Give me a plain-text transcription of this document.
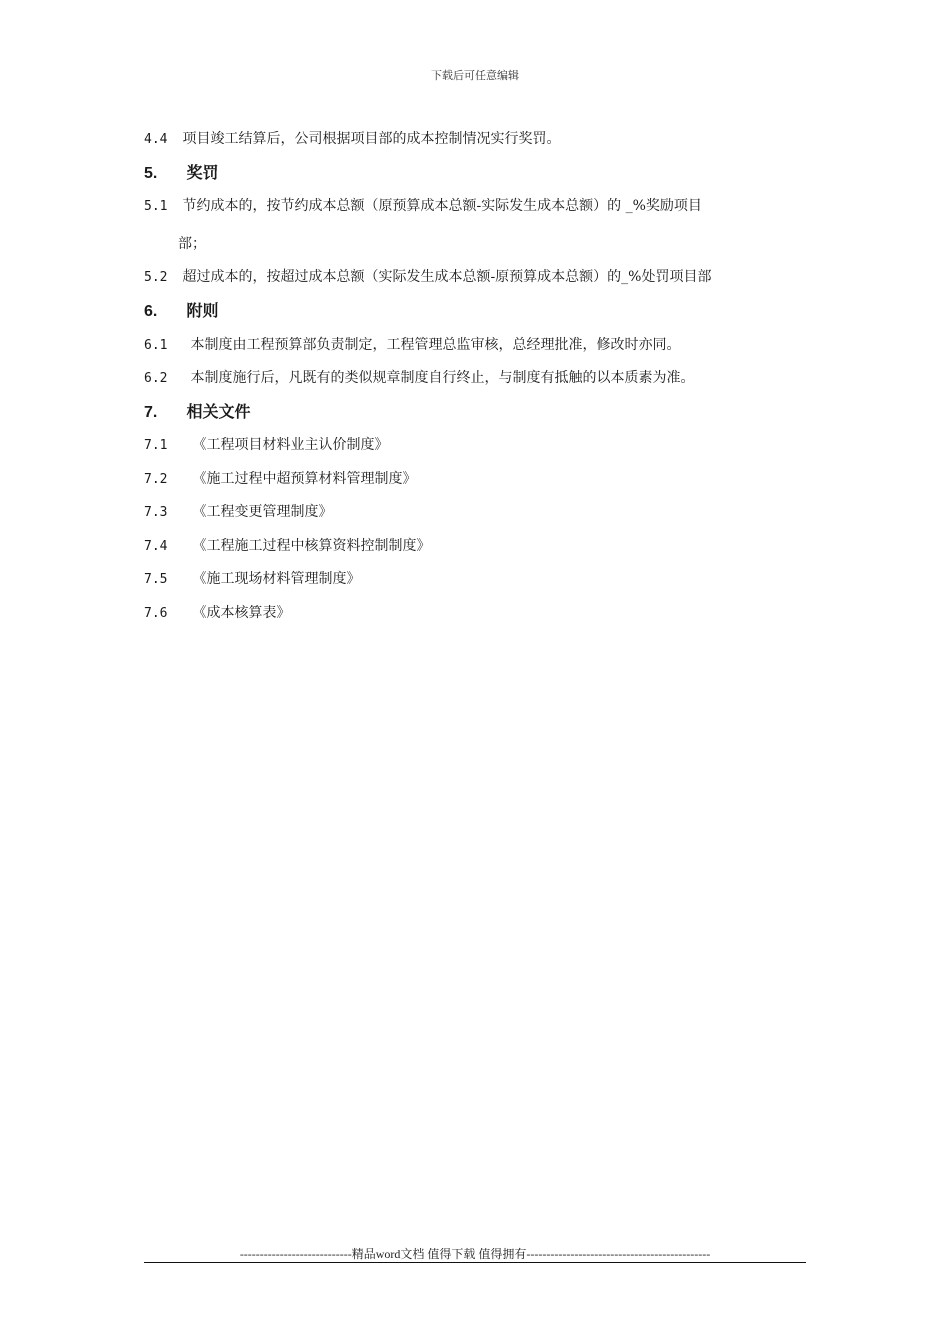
下载后可任意编辑
4.4 项目竣工结算后，公司根据项目部的成本控制情况实行奖罚。
5. 奖罚
5.1 节约成本的，按节约成本总额（原预算成本总额-实际发生成本总额）的 _%奖励项目
部；
5.2 超过成本的，按超过成本总额（实际发生成本总额-原预算成本总额）的_%处罚项目部
6. 附则
6.1 本制度由工程预算部负责制定，工程管理总监审核，总经理批准，修改时亦同。
6.2 本制度施行后，凡既有的类似规章制度自行终止，与制度有抵触的以本质素为准。
7. 相关文件
7.1 《工程项目材料业主认价制度》
7.2 《施工过程中超预算材料管理制度》
7.3 《工程变更管理制度》
7.4 《工程施工过程中核算资料控制制度》
7.5 《施工现场材料管理制度》
7.6 《成本核算表》
----------------------------精品word文档 值得下载 值得拥有----------------------------------------------
